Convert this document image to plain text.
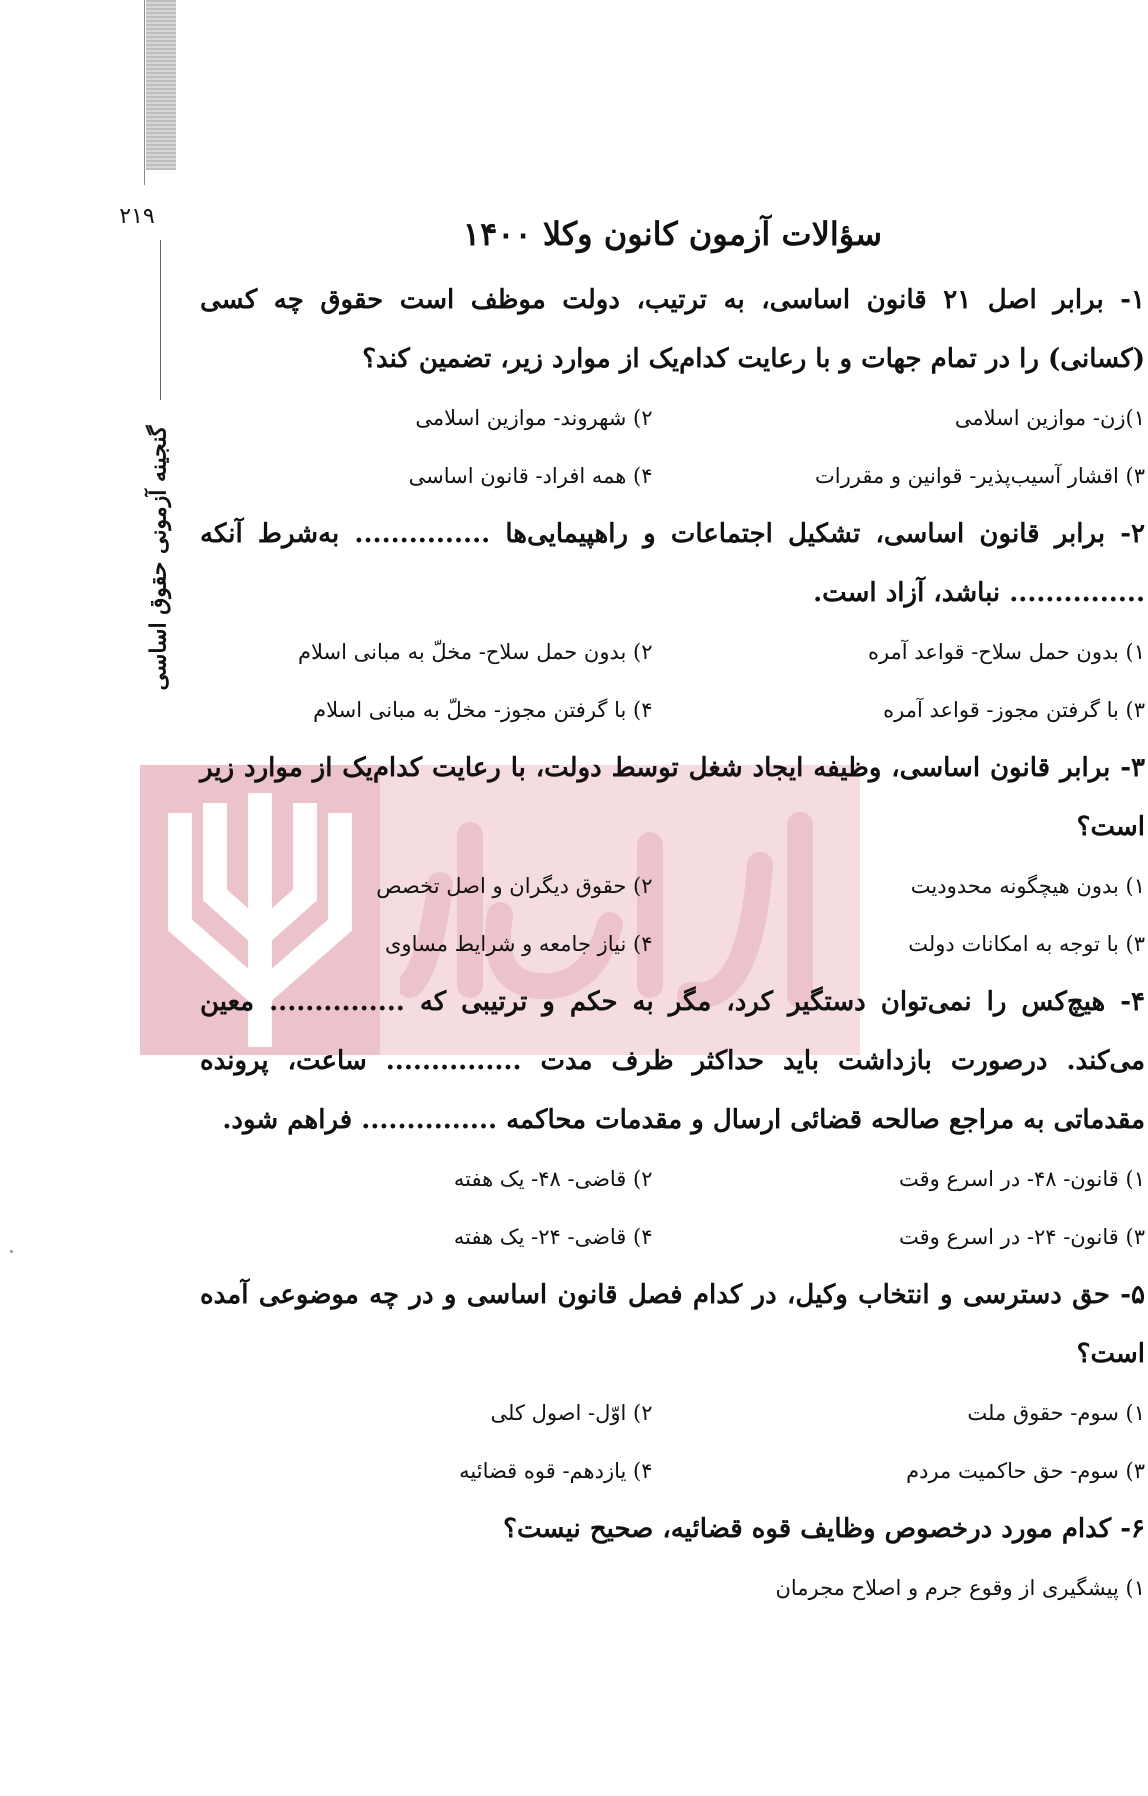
۲۱۹
گنجینه آزمونی حقوق اساسی
سؤالات آزمون کانون وکلا ۱۴۰۰

۱- برابر اصل ۲۱ قانون اساسی، به ترتیب، دولت موظف است حقوق چه کسی (کسانی) را در تمام جهات و با رعایت کدام‌یک از موارد زیر، تضمین کند؟

۱)زن- موازین اسلامی
۲) شهروند- موازین اسلامی
۳) اقشار آسیب‌پذیر- قوانین و مقررات
۴) همه افراد- قانون اساسی

۲- برابر قانون اساسی، تشکیل اجتماعات و راهپیمایی‌ها ............... به‌شرط آنکه ............... نباشد، آزاد است.

۱) بدون حمل سلاح- قواعد آمره
۲) بدون حمل سلاح- مخلّ به مبانی اسلام
۳) با گرفتن مجوز- قواعد آمره
۴) با گرفتن مجوز- مخلّ به مبانی اسلام

۳- برابر قانون اساسی، وظیفه ایجاد شغل توسط دولت، با رعایت کدام‌یک از موارد زیر است؟

۱) بدون هیچگونه محدودیت
۲) حقوق دیگران و اصل تخصص
۳) با توجه به امکانات دولت
۴) نیاز جامعه و شرایط مساوی

۴- هیچ‌کس را نمی‌توان دستگیر کرد، مگر به حکم و ترتیبی که ............... معین می‌کند. درصورت بازداشت باید حداکثر ظرف مدت ............... ساعت، پرونده مقدماتی به مراجع صالحه قضائی ارسال و مقدمات محاکمه ............... فراهم شود.

۱) قانون- ۴۸- در اسرع وقت
۲) قاضی- ۴۸- یک هفته
۳) قانون- ۲۴- در اسرع وقت
۴) قاضی- ۲۴- یک هفته

۵- حق دسترسی و انتخاب وکیل، در کدام فصل قانون اساسی و در چه موضوعی آمده است؟

۱) سوم- حقوق ملت
۲) اوّل- اصول کلی
۳) سوم- حق حاکمیت مردم
۴) یازدهم- قوه قضائیه

۶- کدام مورد درخصوص وظایف قوه قضائیه، صحیح نیست؟

۱) پیشگیری از وقوع جرم و اصلاح مجرمان
